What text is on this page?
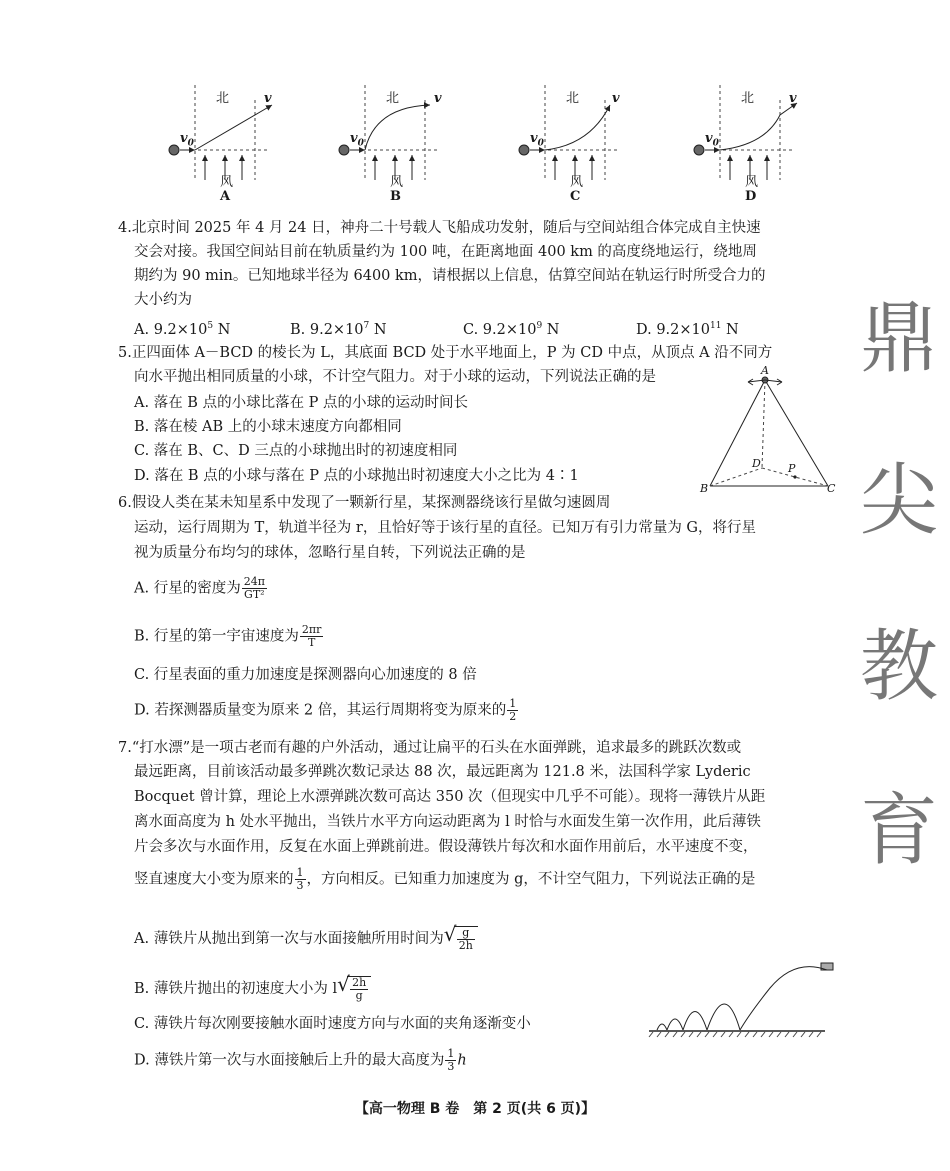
北	v
$v_0$
风
A
北	v
$v_0$
风
B
北	v
$v_0$
风
C
北	v
$v_0$
风
D
4.北京时间 2025 年 4 月 24 日，神舟二十号载人飞船成功发射，随后与空间站组合体完成自主快速
交会对接。我国空间站目前在轨质量约为 100 吨，在距离地面 400 km 的高度绕地运行，绕地周
期约为 90 min。已知地球半径为 6400 km，请根据以上信息，估算空间站在轨运行时所受合力的
大小约为
A. $9.2\times 10^5$ N	B. $9.2\times 10^7$ N	C. $9.2\times 10^9$ N	D. $9.2\times 10^{11}$ N
5.正四面体 A－BCD 的棱长为 L，其底面 BCD 处于水平地面上，P 为 CD 中点，从顶点 A 沿不同方
向水平抛出相同质量的小球，不计空气阻力。对于小球的运动，下列说法正确的是
A. 落在 B 点的小球比落在 P 点的小球的运动时间长
B. 落在棱 AB 上的小球末速度方向都相同
C. 落在 B、C、D 三点的小球抛出时的初速度相同
D. 落在 B 点的小球与落在 P 点的小球抛出时初速度大小之比为 4∶1
A
B	C
D P
6.假设人类在某未知星系中发现了一颗新行星，某探测器绕该行星做匀速圆周
运动，运行周期为 T，轨道半径为 r，且恰好等于该行星的直径。已知万有引力常量为 G，将行星
视为质量分布均匀的球体，忽略行星自转，下列说法正确的是
A. 行星的密度为 $\frac{24\pi}{\text{GT²}}$
B. 行星的第一宇宙速度为 $\frac{2\pi r}{T}$
C. 行星表面的重力加速度是探测器向心加速度的 8 倍
D. 若探测器质量变为原来 2 倍，其运行周期将变为原来的 $\frac{1}{2}$
7.“打水漂”是一项古老而有趣的户外活动，通过让扁平的石头在水面弹跳，追求最多的跳跃次数或
最远距离，目前该活动最多弹跳次数记录达 88 次，最远距离为 121.8 米，法国科学家 Lyderic
Bocquet 曾计算，理论上水漂弹跳次数可高达 350 次（但现实中几乎不可能）。现将一薄铁片从距
离水面高度为 h 处水平抛出，当铁片水平方向运动距离为 l 时恰与水面发生第一次作用，此后薄铁
片会多次与水面作用，反复在水面上弹跳前进。假设薄铁片每次和水面作用前后，水平速度不变，
竖直速度大小变为原来的 $\frac{1}{3}$ ，方向相反。已知重力加速度为 g，不计空气阻力，下列说法正确的是
A. 薄铁片从抛出到第一次与水面接触所用时间为 √ $\frac{g}{2h}$
B. 薄铁片抛出的初速度大小为 l √ $\frac{2h}{g}$
C. 薄铁片每次刚要接触水面时速度方向与水面的夹角逐渐变小
D. 薄铁片第一次与水面接触后上升的最大高度为 $\frac{1}{3}$ h
【高一物理 B 卷　第 2 页(共 6 页)】
鼎
尖
教
育
